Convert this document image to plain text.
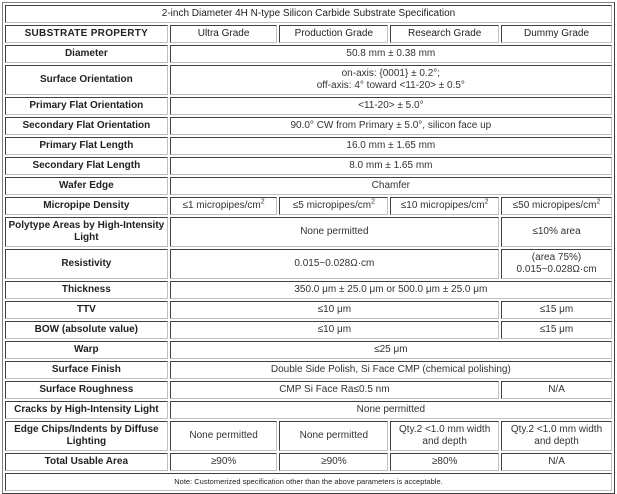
2-inch Diameter 4H N-type Silicon Carbide Substrate Specification				
SUBSTRATE PROPERTY	Ultra Grade	Production Grade	Research Grade	Dummy Grade
Diameter	50.8 mm ± 0.38 mm			
Surface Orientation	on-axis: {0001} ± 0.2°;
off-axis: 4° toward <11-20> ± 0.5°			
Primary Flat Orientation	<11-20> ± 5.0°			
Secondary Flat Orientation	90.0° CW from Primary ± 5.0°, silicon face up			
Primary Flat Length	16.0 mm ± 1.65 mm			
Secondary Flat Length	8.0 mm ± 1.65 mm			
Wafer Edge	Chamfer			
Micropipe Density	≤1 micropipes/$cm^2$	≤5 micropipes/$cm^2$	≤10 micropipes/$cm^2$	≤50 micropipes/$cm^2$
Polytype Areas by High-Intensity Light	None permitted			≤10% area
Resistivity	0.015~0.028Ω·cm			(area 75%)
0.015~0.028Ω·cm
Thickness	350.0 μm ± 25.0 μm or 500.0 μm ± 25.0 μm			
TTV	≤10 μm			≤15 μm
BOW (absolute value)	≤10 μm			≤15 μm
Warp	≤25 μm			
Surface Finish	Double Side Polish, Si Face CMP (chemical polishing)			
Surface Roughness	CMP Si Face Ra≤0.5 nm			N/A
Cracks by High-Intensity Light	None permitted			
Edge Chips/Indents by Diffuse Lighting	None permitted	None permitted	Qty.2 <1.0 mm width and depth	Qty.2 <1.0 mm width and depth
Total Usable Area	≥90%	≥90%	≥80%	N/A
Note: Customerized specification other than the above parameters is acceptable.				
